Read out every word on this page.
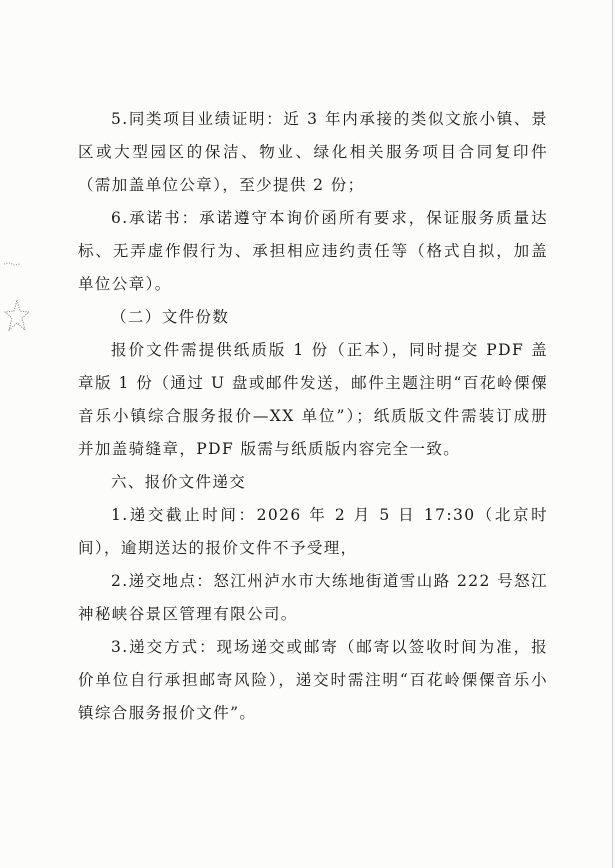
5.同类项目业绩证明：近 3 年内承接的类似文旅小镇、景区或大型园区的保洁、物业、绿化相关服务项目合同复印件（需加盖单位公章），至少提供 2 份；

6.承诺书：承诺遵守本询价函所有要求，保证服务质量达标、无弄虚作假行为、承担相应违约责任等（格式自拟，加盖单位公章）。

（二）文件份数

报价文件需提供纸质版 1 份（正本），同时提交 PDF 盖章版 1 份（通过 U 盘或邮件发送，邮件主题注明“百花岭傈僳音乐小镇综合服务报价—XX 单位”）；纸质版文件需装订成册并加盖骑缝章，PDF 版需与纸质版内容完全一致。

六、报价文件递交

1.递交截止时间：2026 年 2 月 5 日 17:30（北京时间），逾期送达的报价文件不予受理，

2.递交地点：怒江州泸水市大练地街道雪山路 222 号怒江神秘峡谷景区管理有限公司。

3.递交方式：现场递交或邮寄（邮寄以签收时间为准，报价单位自行承担邮寄风险），递交时需注明“百花岭傈僳音乐小镇综合服务报价文件”。
